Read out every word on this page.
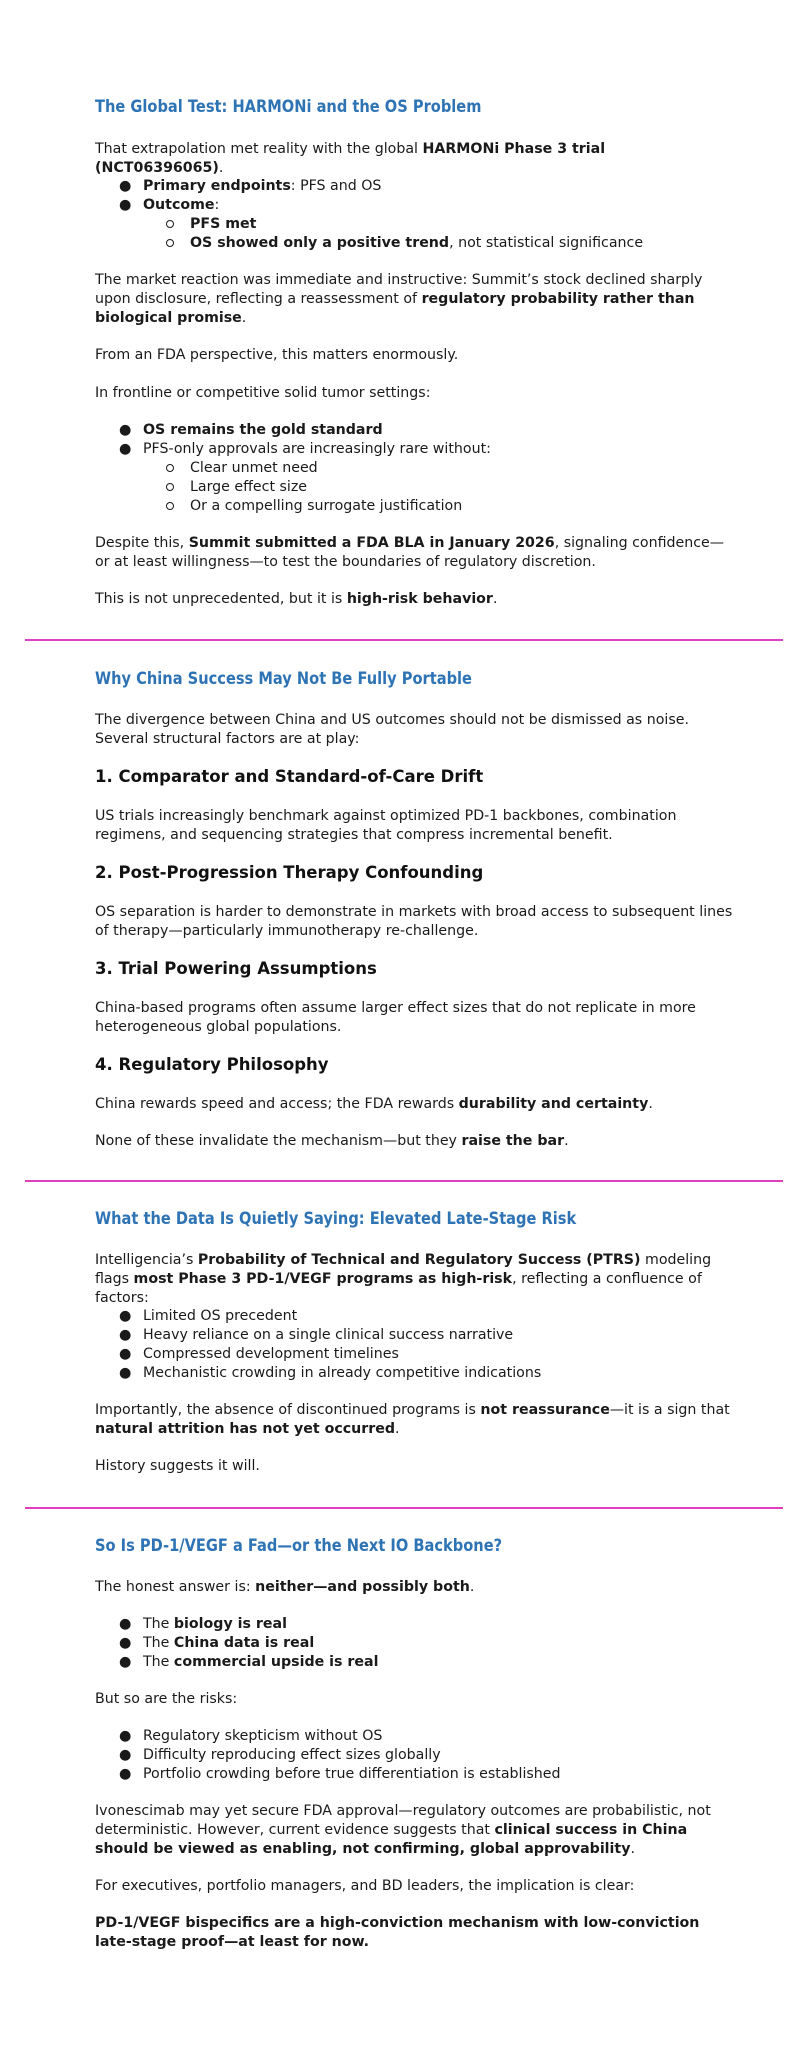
The Global Test: HARMONi and the OS Problem

That extrapolation met reality with the global HARMONi Phase 3 trial (NCT06396065).

● Primary endpoints: PFS and OS
● Outcome:
PFS met
OS showed only a positive trend, not statistical significance

The market reaction was immediate and instructive: Summit’s stock declined sharply upon disclosure, reflecting a reassessment of regulatory probability rather than biological promise.

From an FDA perspective, this matters enormously.

In frontline or competitive solid tumor settings:

● OS remains the gold standard
● PFS-only approvals are increasingly rare without:
Clear unmet need
Large effect size
Or a compelling surrogate justification

Despite this, Summit submitted a FDA BLA in January 2026, signaling confidence—or at least willingness—to test the boundaries of regulatory discretion.

This is not unprecedented, but it is high-risk behavior.

Why China Success May Not Be Fully Portable

The divergence between China and US outcomes should not be dismissed as noise. Several structural factors are at play:

1. Comparator and Standard-of-Care Drift

US trials increasingly benchmark against optimized PD-1 backbones, combination regimens, and sequencing strategies that compress incremental benefit.

2. Post-Progression Therapy Confounding

OS separation is harder to demonstrate in markets with broad access to subsequent lines of therapy—particularly immunotherapy re-challenge.

3. Trial Powering Assumptions

China-based programs often assume larger effect sizes that do not replicate in more heterogeneous global populations.

4. Regulatory Philosophy

China rewards speed and access; the FDA rewards durability and certainty.

None of these invalidate the mechanism—but they raise the bar.

What the Data Is Quietly Saying: Elevated Late-Stage Risk

Intelligencia’s Probability of Technical and Regulatory Success (PTRS) modeling flags most Phase 3 PD-1/VEGF programs as high-risk, reflecting a confluence of factors:

● Limited OS precedent
● Heavy reliance on a single clinical success narrative
● Compressed development timelines
● Mechanistic crowding in already competitive indications

Importantly, the absence of discontinued programs is not reassurance—it is a sign that natural attrition has not yet occurred.

History suggests it will.

So Is PD-1/VEGF a Fad—or the Next IO Backbone?

The honest answer is: neither—and possibly both.

● The biology is real
● The China data is real
● The commercial upside is real

But so are the risks:

● Regulatory skepticism without OS
● Difficulty reproducing effect sizes globally
● Portfolio crowding before true differentiation is established

Ivonescimab may yet secure FDA approval—regulatory outcomes are probabilistic, not deterministic. However, current evidence suggests that clinical success in China should be viewed as enabling, not confirming, global approvability.

For executives, portfolio managers, and BD leaders, the implication is clear:

PD-1/VEGF bispecifics are a high-conviction mechanism with low-conviction late-stage proof—at least for now.
